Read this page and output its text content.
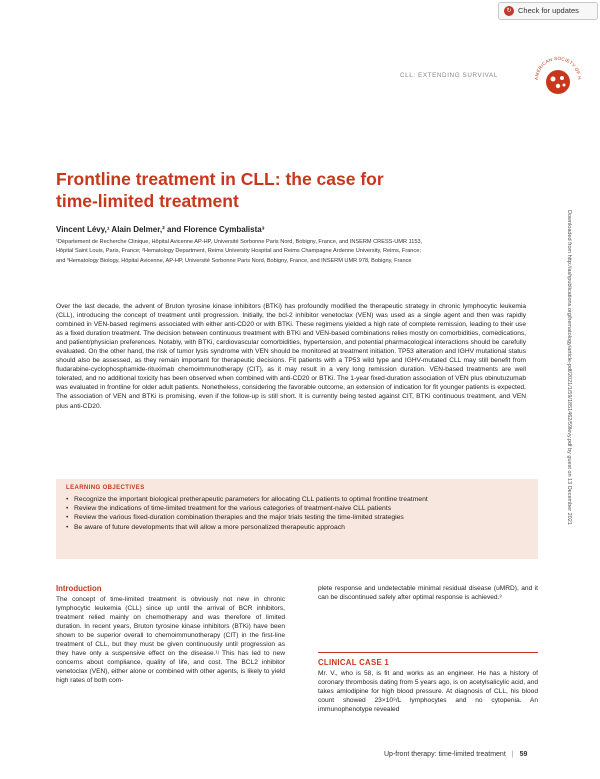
↻ Check for updates
CLL: EXTENDING SURVIVAL	AMERICAN SOCIETY OF H
Frontline treatment in CLL: the case for time-limited treatment
Vincent Lévy,¹ Alain Delmer,² and Florence Cymbalista³
¹Département de Recherche Clinique, Hôpital Avicenne AP-HP, Université Sorbonne Paris Nord, Bobigny, France, and INSERM CRESS-UMR 1153,
Hôpital Saint Louis, Paris, France; ²Hematology Department, Reims University Hospital and Reims Champagne Ardenne University, Reims, France;
and ³Hematology Biology, Hôpital Avicenne, AP-HP, Université Sorbonne Paris Nord, Bobigny, France, and INSERM UMR 978, Bobigny, France
Over the last decade, the advent of Bruton tyrosine kinase inhibitors (BTKi) has profoundly modified the therapeutic strategy in chronic lymphocytic leukemia (CLL), introducing the concept of treatment until progression. Initially, the bcl-2 inhibitor venetoclax (VEN) was used as a single agent and then was rapidly combined in VEN-based regimens associated with either anti-CD20 or with BTKi. These regimens yielded a high rate of complete remission, leading to their use as a fixed duration treatment. The decision between continuous treatment with BTKi and VEN-based combinations relies mostly on comorbidities, comedications, and patient/physician preferences. Notably, with BTKi, cardiovascular comorbidities, hypertension, and potential pharmacological interactions should be carefully evaluated. On the other hand, the risk of tumor lysis syndrome with VEN should be monitored at treatment initiation. TP53 alteration and IGHV mutational status should also be assessed, as they remain important for therapeutic decisions. Fit patients with a TP53 wild type and IGHV-mutated CLL may still benefit from fludarabine-cyclophosphamide-rituximab chemoimmunotherapy (CIT), as it may result in a very long remission duration. VEN-based treatments are well tolerated, and no additional toxicity has been observed when combined with anti-CD20 or BTKi. The 1-year fixed-duration association of VEN plus obinutuzumab was evaluated in frontline for older adult patients. Nonetheless, considering the favorable outcome, an extension of indication for fit younger patients is expected. The association of VEN and BTKi is promising, even if the follow-up is still short. It is currently being tested against CIT, BTKi continuous treatment, and VEN plus anti-CD20.
LEARNING OBJECTIVES
• Recognize the important biological pretherapeutic parameters for allocating CLL patients to optimal frontline treatment
• Review the indications of time-limited treatment for the various categories of treatment-naive CLL patients
• Review the various fixed-duration combination therapies and the major trials testing the time-limited strategies
• Be aware of future developments that will allow a more personalized therapeutic approach
Introduction
The concept of time-limited treatment is obviously not new in chronic lymphocytic leukemia (CLL) since up until the arrival of BCR inhibitors, treatment relied mainly on chemotherapy and was therefore of limited duration. In recent years, Bruton tyrosine kinase inhibitors (BTKi) have been shown to be superior overall to chemoimmunotherapy (CIT) in the first-line treatment of CLL, but they must be given continuously until progression as they have only a suspensive effect on the disease.¹ʲ This has led to new concerns about compliance, quality of life, and cost. The BCL2 inhibitor venetoclax (VEN), either alone or combined with other agents, is likely to yield high rates of both com-
plete response and undetectable minimal residual disease (uMRD), and it can be discontinued safely after optimal response is achieved.³
CLINICAL CASE 1
Mr. V., who is 58, is fit and works as an engineer. He has a history of coronary thrombosis dating from 5 years ago, is on acetylsalicylic acid, and takes amlodipine for high blood pressure. At diagnosis of CLL, his blood count showed 23×10⁹/L lymphocytes and no cytopenia. An immunophenotype revealed
Up-front therapy: time-limited treatment | 59
Downloaded from http://ashpublications.org/hematology/article-pdf/2021/1/59/1851462/59levy.pdf by guest on 13 December 2021
